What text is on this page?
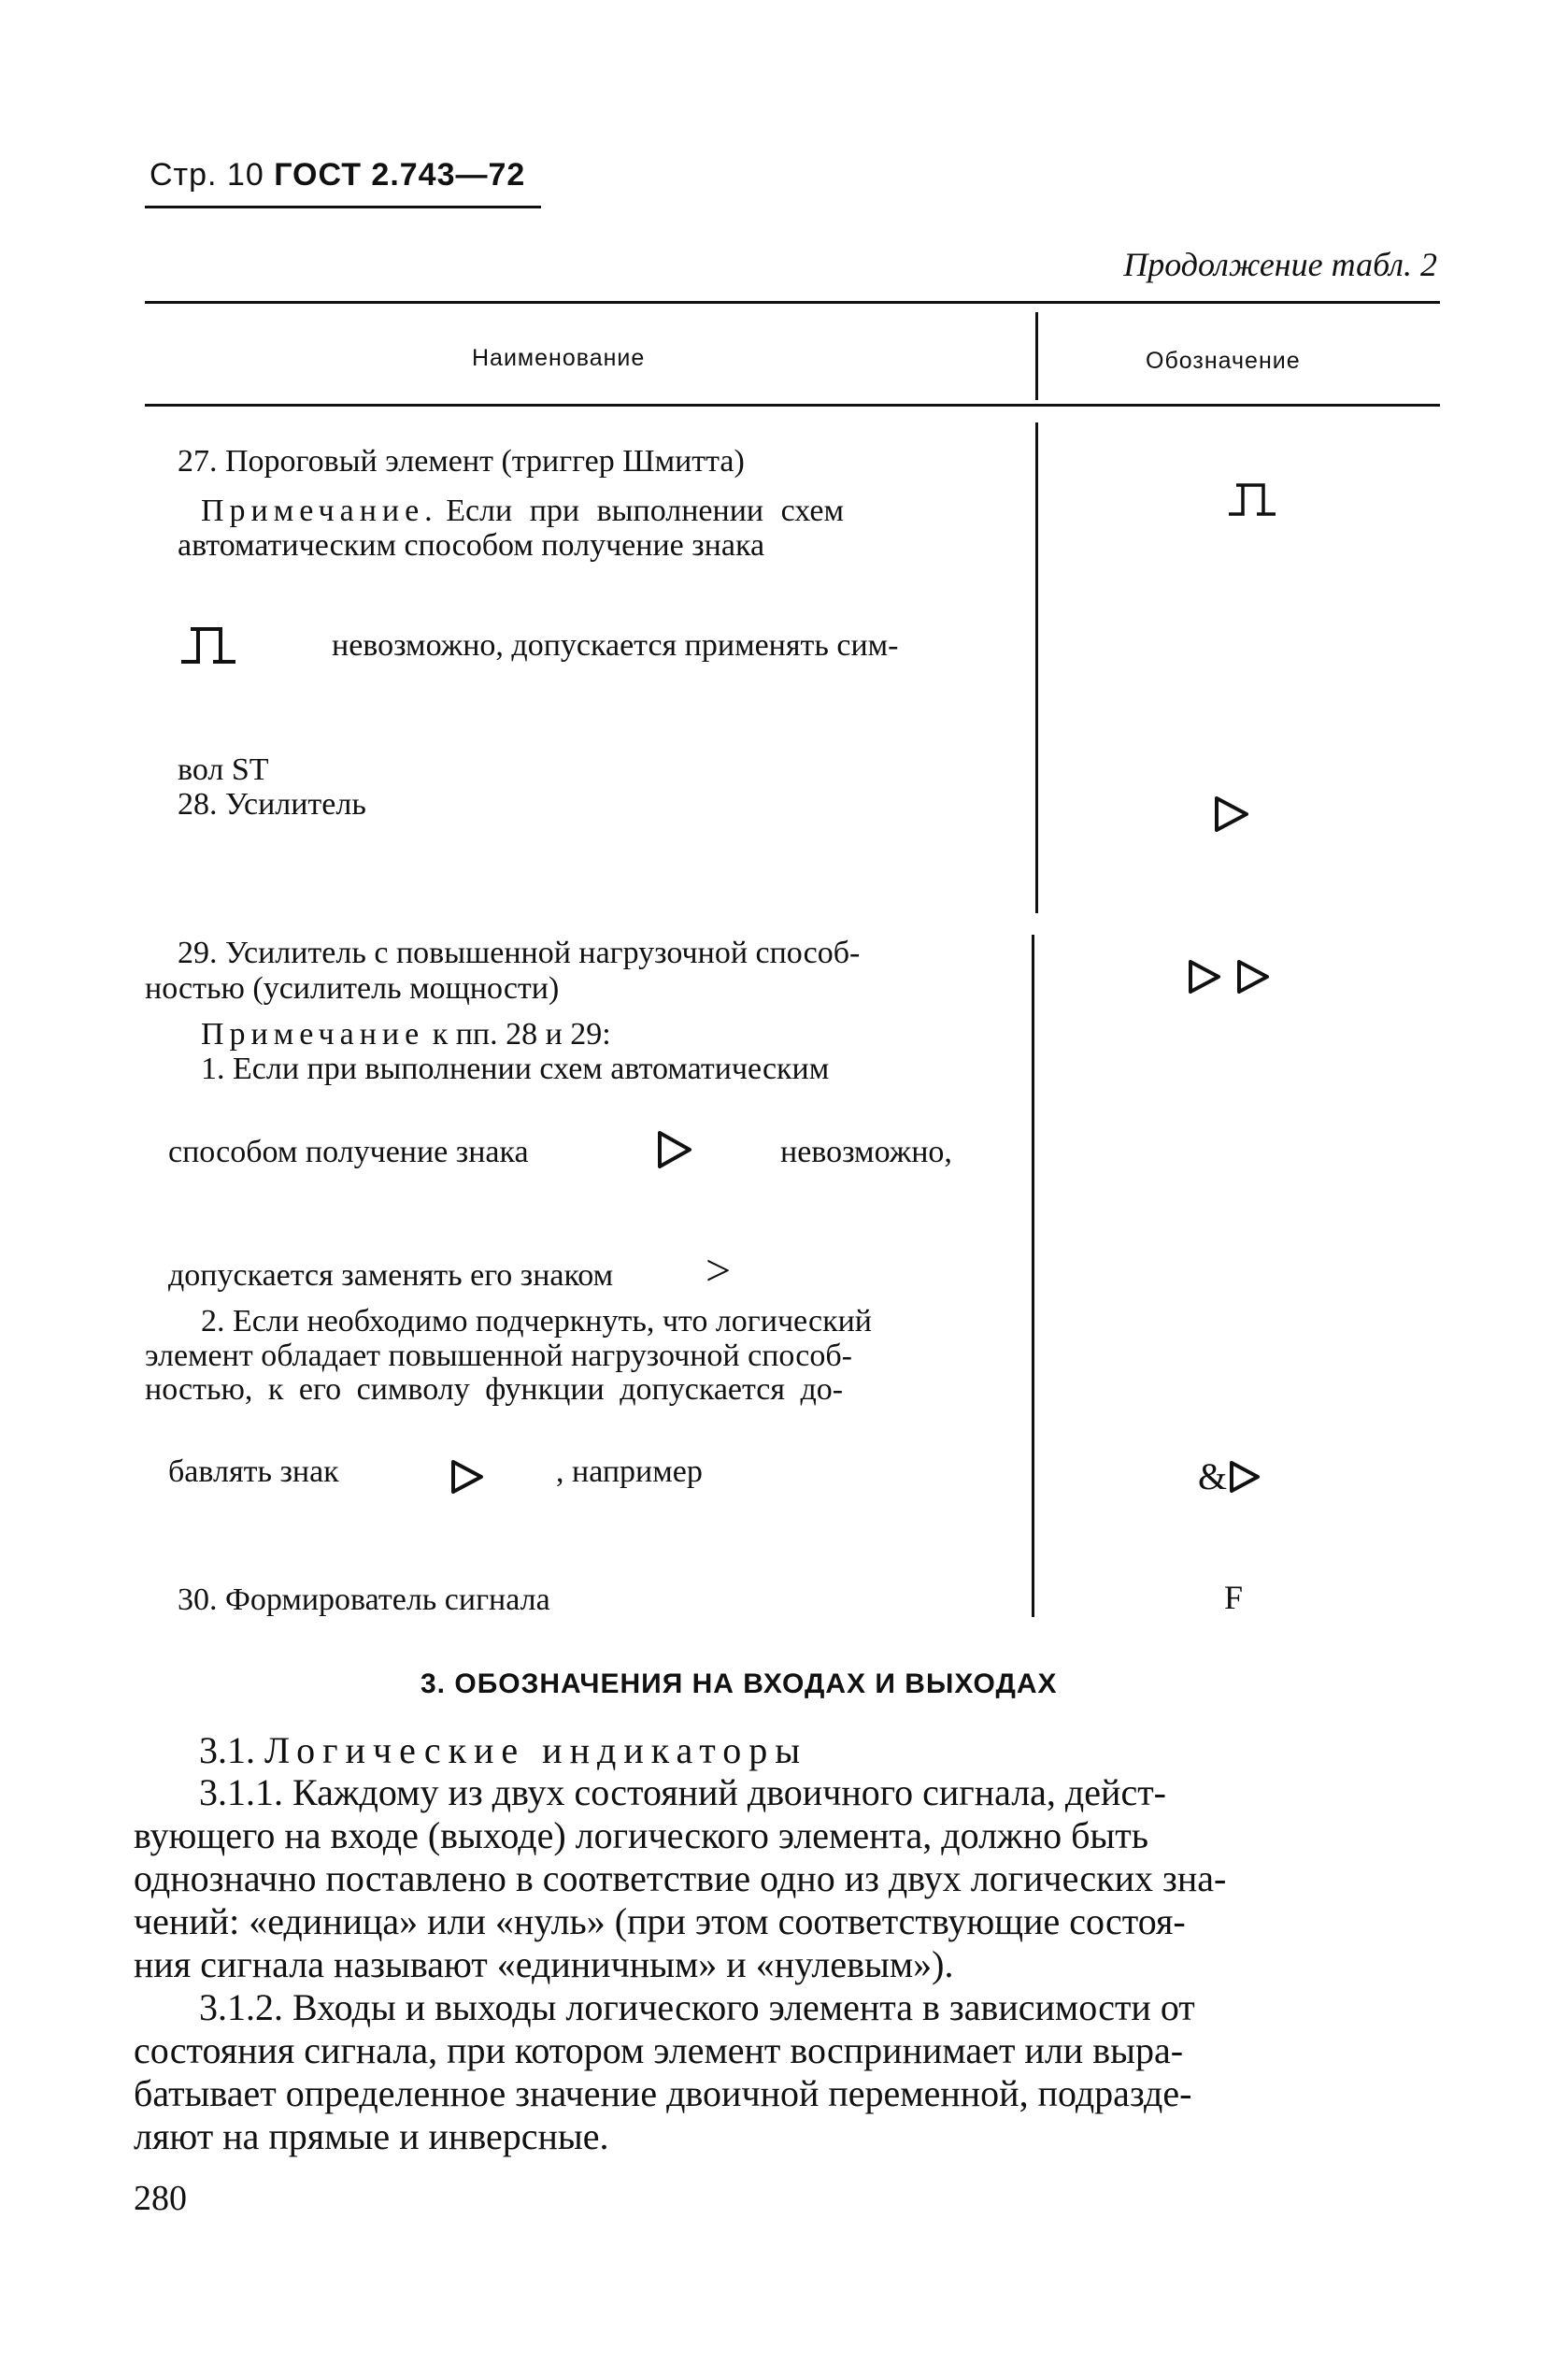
Стр. 10 ГОСТ 2.743—72
Продолжение табл. 2
Наименование	Обозначение
27. Пороговый элемент (триггер Шмитта)
Примечание. Если при выполнении схем
автоматическим способом получение знака
невозможно, допускается применять сим-
вол ST
28. Усилитель
29. Усилитель с повышенной нагрузочной способ-
ностью (усилитель мощности)
Примечание к пп. 28 и 29:
1. Если при выполнении схем автоматическим
способом получение знака	невозможно,
допускается заменять его знаком >
2. Если необходимо подчеркнуть, что логический
элемент обладает повышенной нагрузочной способ-
ностью, к его символу функции допускается до-
бавлять знак	, например	&
30. Формирователь сигнала	F
3. ОБОЗНАЧЕНИЯ НА ВХОДАХ И ВЫХОДАХ
3.1. Логические индикаторы
3.1.1. Каждому из двух состояний двоичного сигнала, дейст-
вующего на входе (выходе) логического элемента, должно быть
однозначно поставлено в соответствие одно из двух логических зна-
чений: «единица» или «нуль» (при этом соответствующие состоя-
ния сигнала называют «единичным» и «нулевым»).
3.1.2. Входы и выходы логического элемента в зависимости от
состояния сигнала, при котором элемент воспринимает или выра-
батывает определенное значение двоичной переменной, подразде-
ляют на прямые и инверсные.
280
